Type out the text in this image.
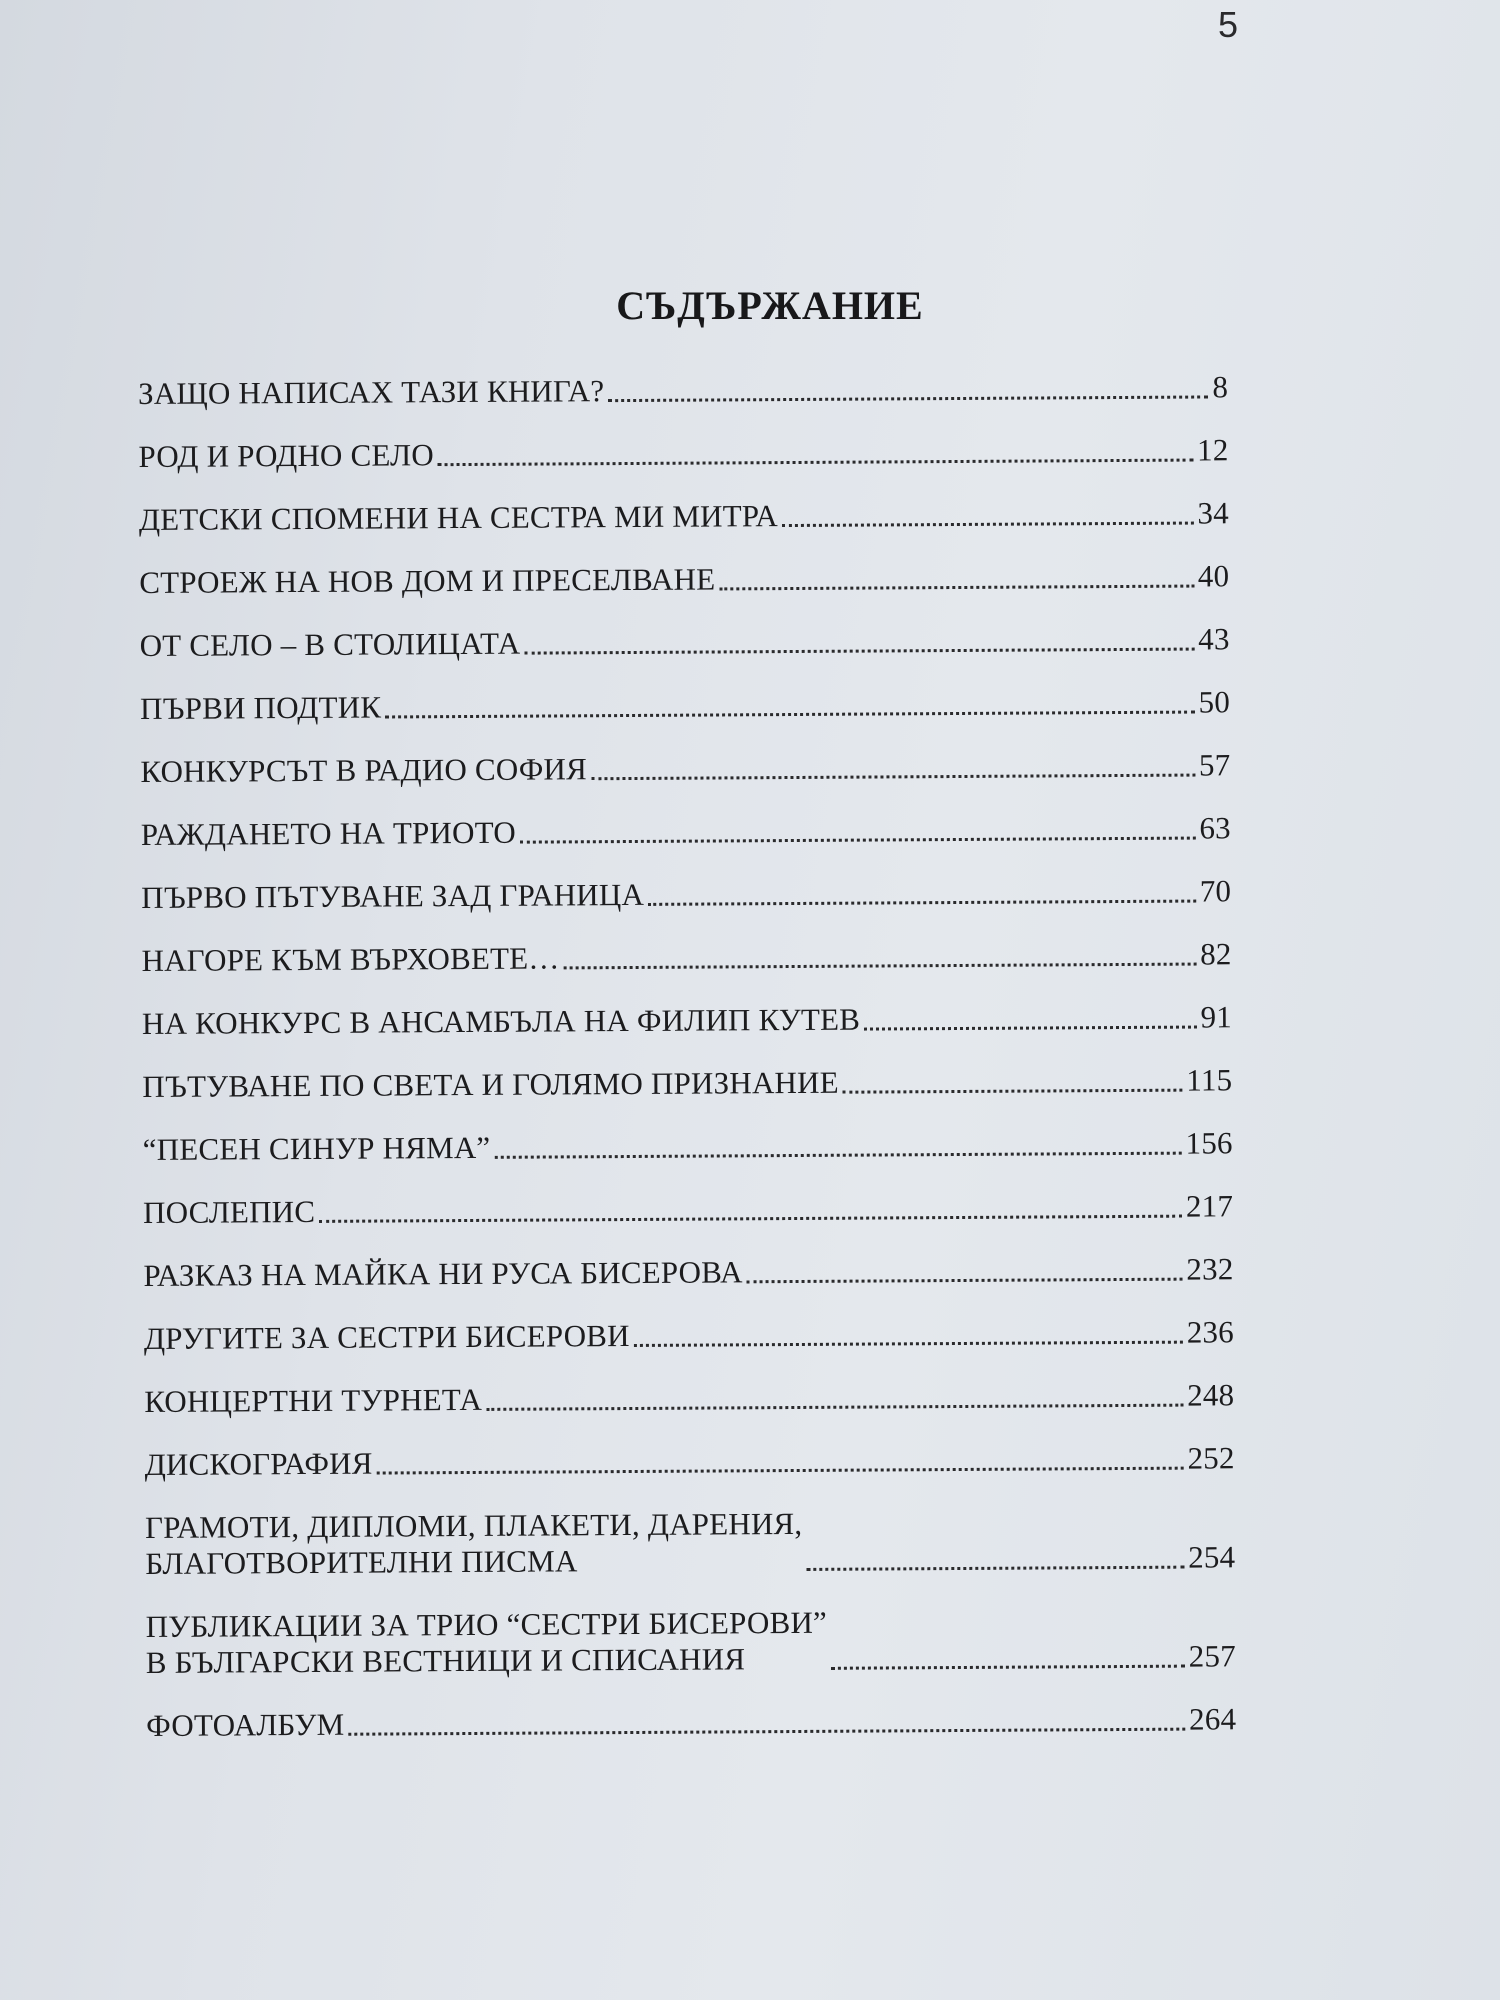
5
СЪДЪРЖАНИЕ
ЗАЩО НАПИСАХ ТАЗИ КНИГА?	8
РОД И РОДНО СЕЛО	12
ДЕТСКИ СПОМЕНИ НА СЕСТРА МИ МИТРА	34
СТРОЕЖ НА НОВ ДОМ И ПРЕСЕЛВАНЕ	40
ОТ СЕЛО – В СТОЛИЦАТА	43
ПЪРВИ ПОДТИК	50
КОНКУРСЪТ В РАДИО СОФИЯ	57
РАЖДАНЕТО НА ТРИОТО	63
ПЪРВО ПЪТУВАНЕ ЗАД ГРАНИЦА	70
НАГОРЕ КЪМ ВЪРХОВЕТЕ…	82
НА КОНКУРС В АНСАМБЪЛА НА ФИЛИП КУТЕВ	91
ПЪТУВАНЕ ПО СВЕТА И ГОЛЯМО ПРИЗНАНИЕ	115
“ПЕСЕН СИНУР НЯМА”	156
ПОСЛЕПИС	217
РАЗКАЗ НА МАЙКА НИ РУСА БИСЕРОВА	232
ДРУГИТЕ ЗА СЕСТРИ БИСЕРОВИ	236
КОНЦЕРТНИ ТУРНЕТА	248
ДИСКОГРАФИЯ	252
ГРАМОТИ, ДИПЛОМИ, ПЛАКЕТИ, ДАРЕНИЯ,
БЛАГОТВОРИТЕЛНИ ПИСМА	254
ПУБЛИКАЦИИ ЗА ТРИО “СЕСТРИ БИСЕРОВИ”
В БЪЛГАРСКИ ВЕСТНИЦИ И СПИСАНИЯ	257
ФОТОАЛБУМ	264
